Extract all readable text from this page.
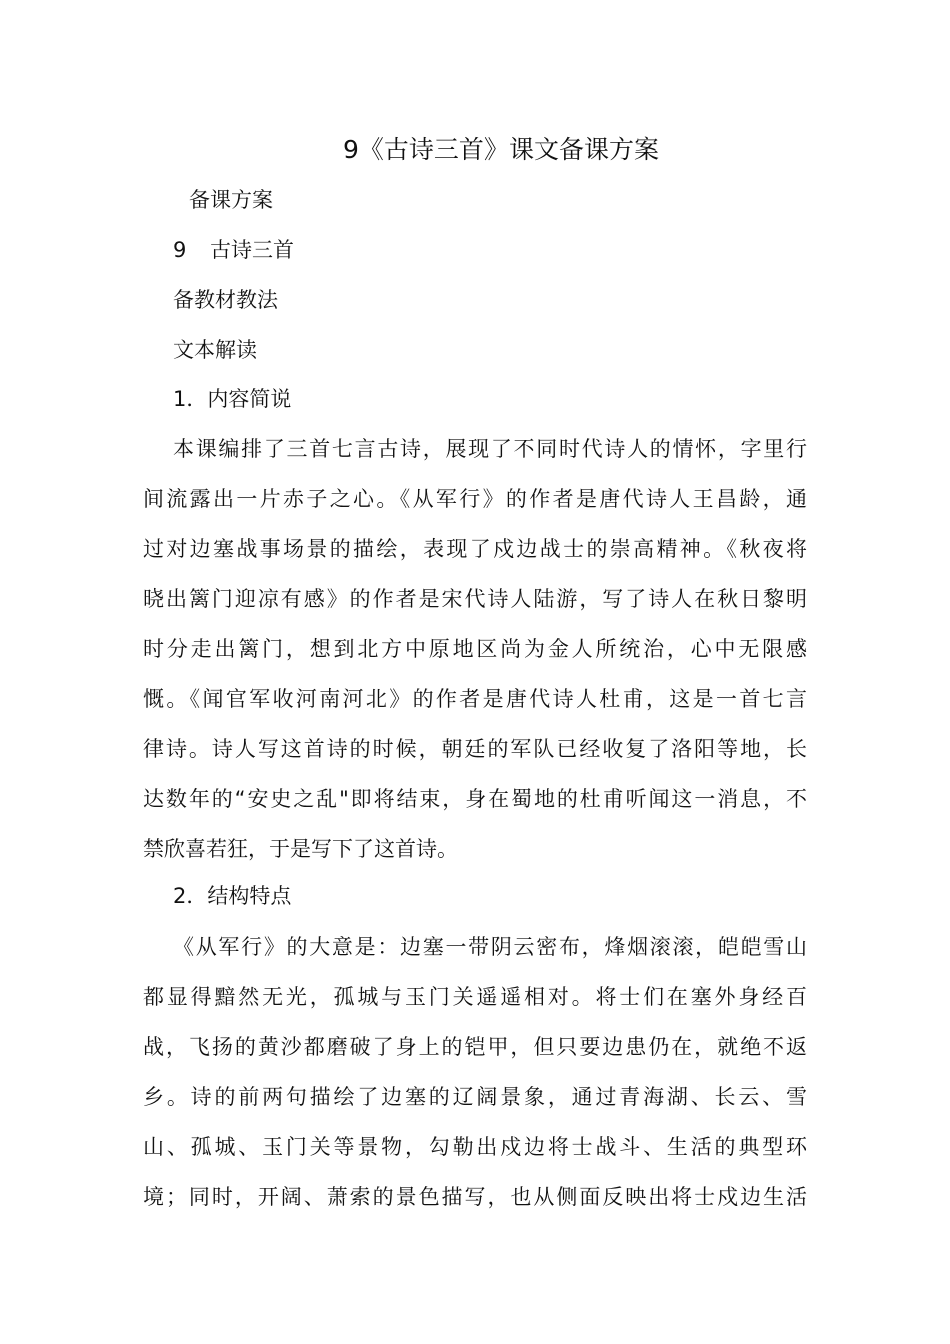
9《古诗三首》课文备课方案
备课方案
9	古诗三首
备教材教法
文本解读
1．内容简说
本课编排了三首七言古诗，展现了不同时代诗人的情怀，字里行
间流露出一片赤子之心。《从军行》的作者是唐代诗人王昌龄，通
过对边塞战事场景的描绘，表现了戍边战士的崇高精神。《秋夜将
晓出篱门迎凉有感》的作者是宋代诗人陆游，写了诗人在秋日黎明
时分走出篱门，想到北方中原地区尚为金人所统治，心中无限感
慨。《闻官军收河南河北》的作者是唐代诗人杜甫，这是一首七言
律诗。诗人写这首诗的时候，朝廷的军队已经收复了洛阳等地，长
达数年的“安史之乱"即将结束，身在蜀地的杜甫听闻这一消息，不
禁欣喜若狂，于是写下了这首诗。
2．结构特点
《从军行》的大意是：边塞一带阴云密布，烽烟滚滚，皑皑雪山
都显得黯然无光，孤城与玉门关遥遥相对。将士们在塞外身经百
战，飞扬的黄沙都磨破了身上的铠甲，但只要边患仍在，就绝不返
乡。诗的前两句描绘了边塞的辽阔景象，通过青海湖、长云、雪
山、孤城、玉门关等景物，勾勒出戍边将士战斗、生活的典型环
境；同时，开阔、萧索的景色描写，也从侧面反映出将士戍边生活
